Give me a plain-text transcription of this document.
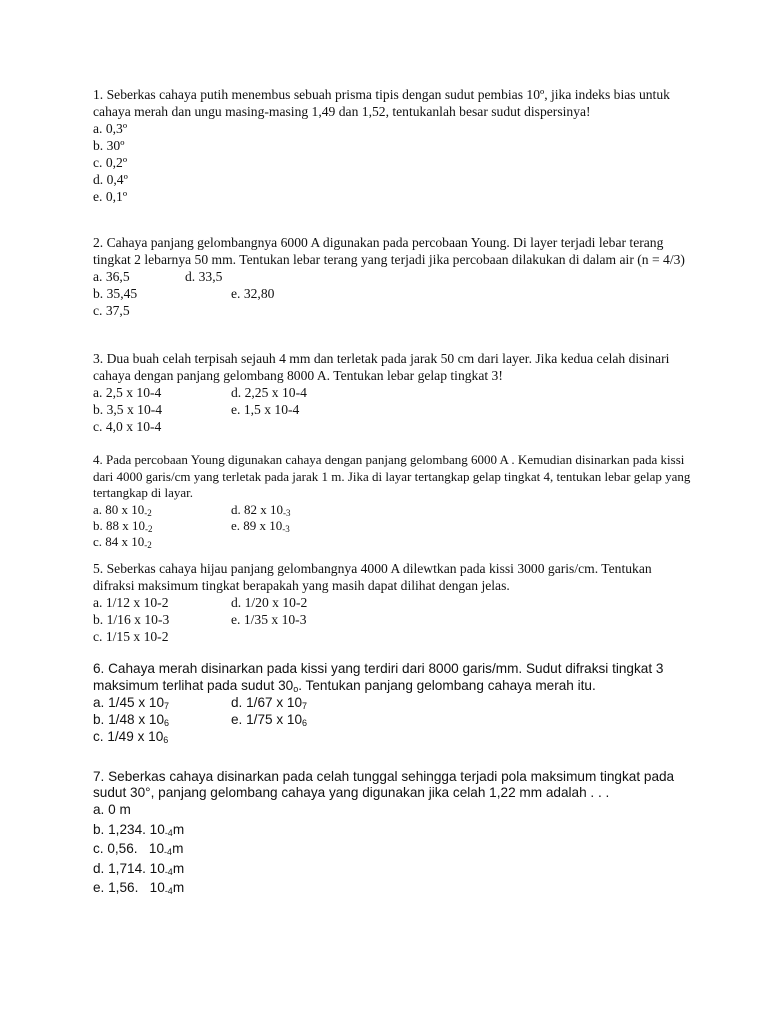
1. Seberkas cahaya putih menembus sebuah prisma tipis dengan sudut pembias 10º, jika indeks bias untuk cahaya merah dan ungu masing-masing 1,49 dan 1,52, tentukanlah besar sudut dispersinya!
a. 0,3º
b. 30º
c. 0,2º
d. 0,4º
e. 0,1º
2. Cahaya panjang gelombangnya 6000 A digunakan pada percobaan Young. Di layer terjadi lebar terang tingkat 2 lebarnya 50 mm. Tentukan lebar terang yang terjadi jika percobaan dilakukan di dalam air (n = 4/3)
a. 36,5	d. 33,5
b. 35,45	e. 32,80
c. 37,5
3. Dua buah celah terpisah sejauh 4 mm dan terletak pada jarak 50 cm dari layer. Jika kedua celah disinari cahaya dengan panjang gelombang 8000 A. Tentukan lebar gelap tingkat 3!
a. 2,5 x 10-4	d. 2,25 x 10-4
b. 3,5 x 10-4	e. 1,5 x 10-4
c. 4,0 x 10-4
4. Pada percobaan Young digunakan cahaya dengan panjang gelombang 6000 A . Kemudian disinarkan pada kissi dari 4000 garis/cm yang terletak pada jarak 1 m. Jika di layar tertangkap gelap tingkat 4, tentukan lebar gelap yang tertangkap di layar.
a. 80 x 10-2	d. 82 x 10-3
b. 88 x 10-2	e. 89 x 10-3
c. 84 x 10-2
5. Seberkas cahaya hijau panjang gelombangnya 4000 A dilewtkan pada kissi 3000 garis/cm. Tentukan difraksi maksimum tingkat berapakah yang masih dapat dilihat dengan jelas.
a. 1/12 x 10-2	d. 1/20 x 10-2
b. 1/16 x 10-3	e. 1/35 x 10-3
c. 1/15 x 10-2
6. Cahaya merah disinarkan pada kissi yang terdiri dari 8000 garis/mm. Sudut difraksi tingkat 3 maksimum terlihat pada sudut 30o. Tentukan panjang gelombang cahaya merah itu.
a. 1/45 x 107	d. 1/67 x 107
b. 1/48 x 106	e. 1/75 x 106
c. 1/49 x 106
7. Seberkas cahaya disinarkan pada celah tunggal sehingga terjadi pola maksimum tingkat pada sudut 30°, panjang gelombang cahaya yang digunakan jika celah 1,22 mm adalah . . .
a. 0 m
b. 1,234. 10-4m
c. 0,56.   10-4m
d. 1,714. 10-4m
e. 1,56.   10-4m
